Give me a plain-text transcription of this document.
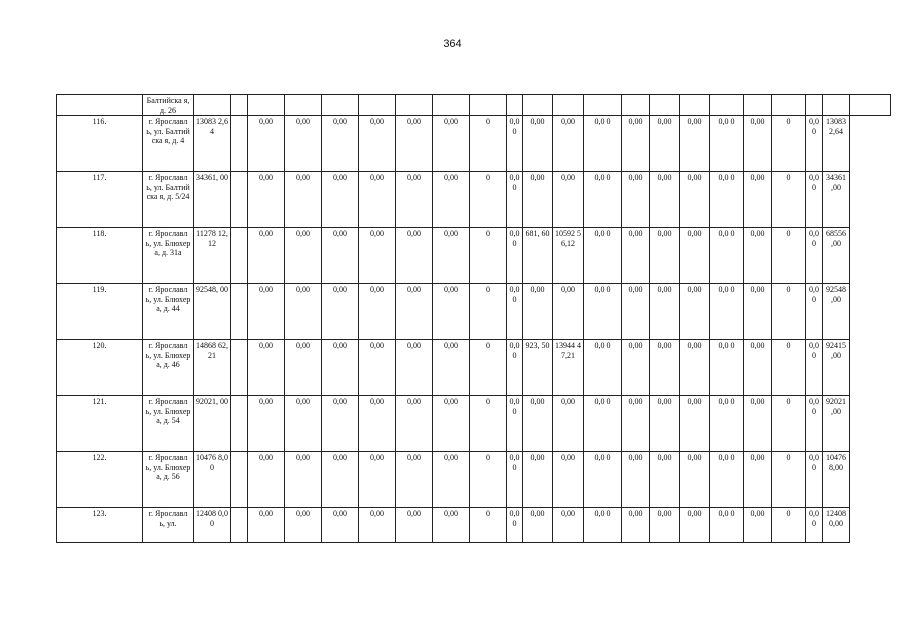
364
	Балтийска я, д. 26																						
116.	г. Ярославл ь, ул. Балтийска я, д. 4	13083 2,64		0,00	0,00	0,00	0,00	0,00	0,00	0	0,00	0,00	0,00	0,0 0	0,00	0,00	0,00	0,0 0	0,00	0	0,00	13083 2,64	
117.	г. Ярославл ь, ул. Балтийска я, д. 5/24	34361, 00		0,00	0,00	0,00	0,00	0,00	0,00	0	0,00	0,00	0,00	0,0 0	0,00	0,00	0,00	0,0 0	0,00	0	0,00	34361 ,00	
118.	г. Ярославл ь, ул. Блюхера, д. 31а	11278 12,12		0,00	0,00	0,00	0,00	0,00	0,00	0	0,00	681, 60	10592 56,12	0,0 0	0,00	0,00	0,00	0,0 0	0,00	0	0,00	68556 ,00	
119.	г. Ярославл ь, ул. Блюхера, д. 44	92548, 00		0,00	0,00	0,00	0,00	0,00	0,00	0	0,00	0,00	0,00	0,0 0	0,00	0,00	0,00	0,0 0	0,00	0	0,00	92548 ,00	
120.	г. Ярославл ь, ул. Блюхера, д. 46	14868 62,21		0,00	0,00	0,00	0,00	0,00	0,00	0	0,00	923, 50	13944 47,21	0,0 0	0,00	0,00	0,00	0,0 0	0,00	0	0,00	92415 ,00	
121.	г. Ярославл ь, ул. Блюхера, д. 54	92021, 00		0,00	0,00	0,00	0,00	0,00	0,00	0	0,00	0,00	0,00	0,0 0	0,00	0,00	0,00	0,0 0	0,00	0	0,00	92021 ,00	
122.	г. Ярославл ь, ул. Блюхера, д. 56	10476 8,00		0,00	0,00	0,00	0,00	0,00	0,00	0	0,00	0,00	0,00	0,0 0	0,00	0,00	0,00	0,0 0	0,00	0	0,00	10476 8,00	
123.	г. Ярославл ь, ул.	12408 0,00		0,00	0,00	0,00	0,00	0,00	0,00	0	0,00	0,00	0,00	0,0 0	0,00	0,00	0,00	0,0 0	0,00	0	0,00	12408 0,00	
